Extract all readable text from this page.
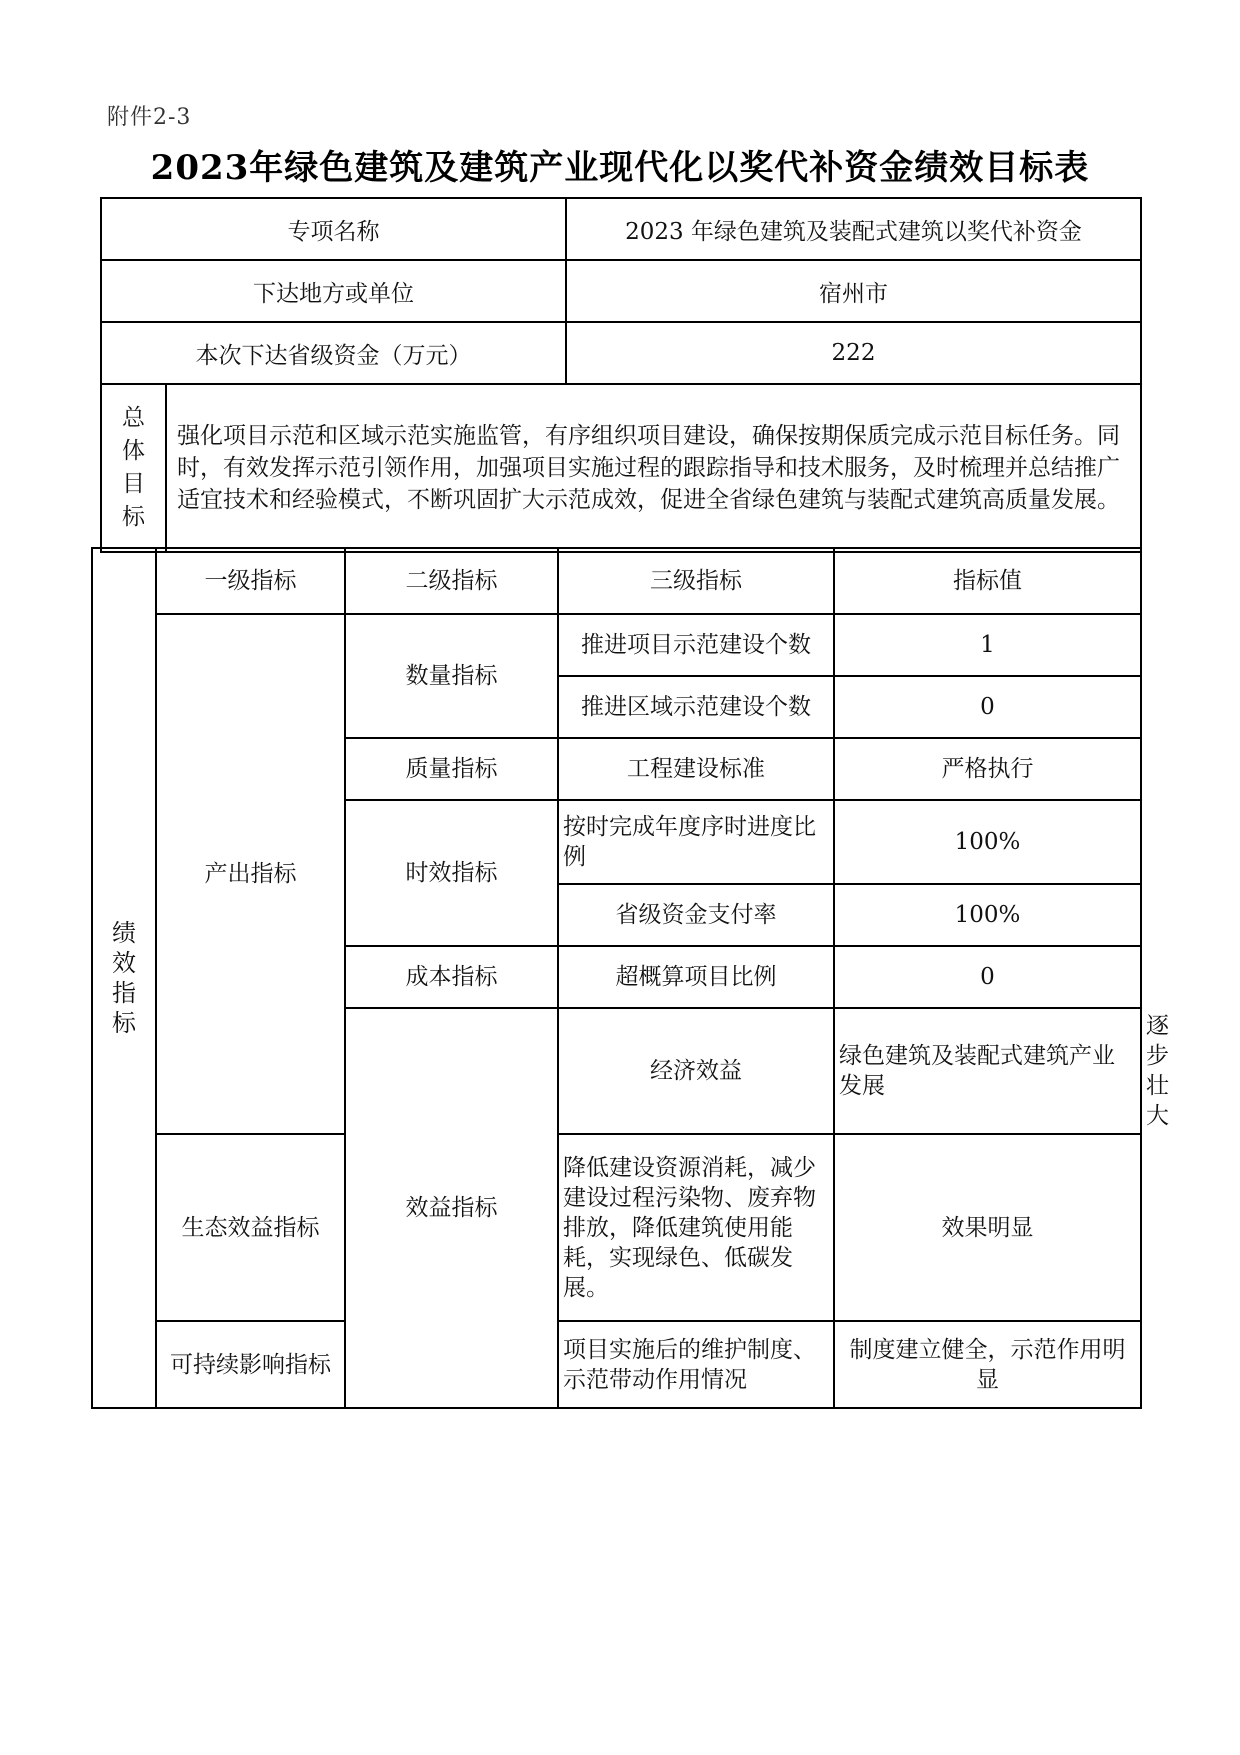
附件2-3
2023年绿色建筑及建筑产业现代化以奖代补资金绩效目标表
专项名称		2023 年绿色建筑及装配式建筑以奖代补资金
下达地方或单位		宿州市
本次下达省级资金（万元）		222

总
体
目
标	强化项目示范和区域示范实施监管，有序组织项目建设，确保按期保质完成示范目标任务。同时，有效发挥示范引领作用，加强项目实施过程的跟踪指导和技术服务，及时梳理并总结推广适宜技术和经验模式，不断巩固扩大示范成效，促进全省绿色建筑与装配式建筑高质量发展。	
绩
效
指
标	一级指标	二级指标	三级指标	指标值	
	产出指标	数量指标	推进项目示范建设个数	1	
			推进区域示范建设个数	0	
		质量指标	工程建设标准	严格执行	
		时效指标	按时完成年度序时进度比例	100%	
			省级资金支付率	100%	
		成本指标	超概算项目比例	0	
		效益指标	经济效益	绿色建筑及装配式建筑产业发展	逐步壮大
	生态效益指标		降低建设资源消耗，减少建设过程污染物、废弃物排放，降低建筑使用能耗，实现绿色、低碳发展。	效果明显	
	可持续影响指标		项目实施后的维护制度、示范带动作用情况	制度建立健全，示范作用明显	
